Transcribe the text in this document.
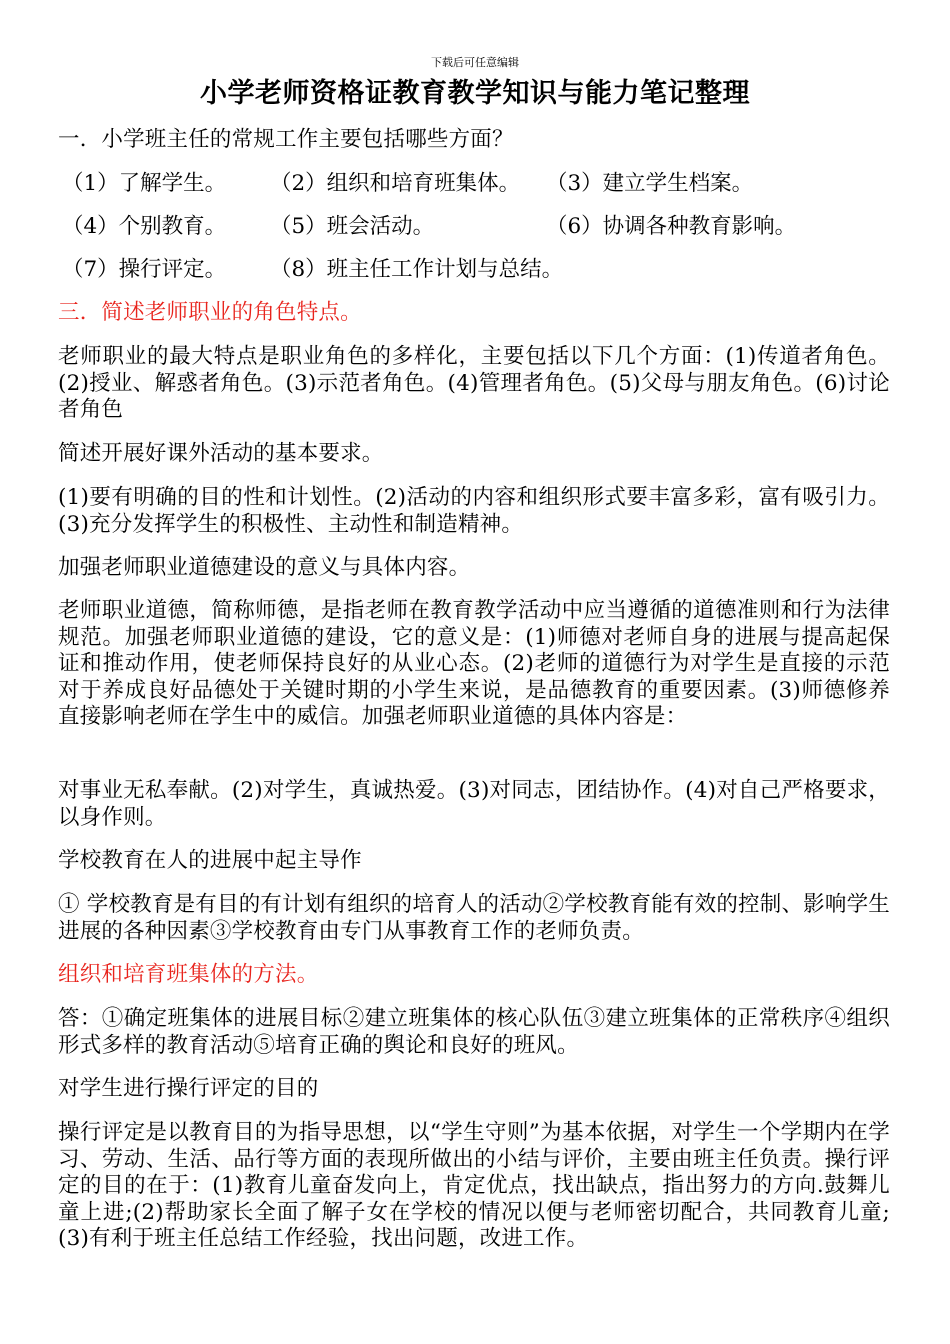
下载后可任意编辑
小学老师资格证教育教学知识与能力笔记整理
一．小学班主任的常规工作主要包括哪些方面？
（1）了解学生。 （2）组织和培育班集体。 （3）建立学生档案。
（4）个别教育。 （5）班会活动。	（6）协调各种教育影响。
（7）操行评定。 （8）班主任工作计划与总结。
三．简述老师职业的角色特点。
老师职业的最大特点是职业角色的多样化，主要包括以下几个方面：(1)传道者角色。(2)授业、解惑者角色。(3)示范者角色。(4)管理者角色。(5)父母与朋友角色。(6)讨论者角色
简述开展好课外活动的基本要求。
(1)要有明确的目的性和计划性。(2)活动的内容和组织形式要丰富多彩，富有吸引力。(3)充分发挥学生的积极性、主动性和制造精神。
加强老师职业道德建设的意义与具体内容。
老师职业道德，简称师德，是指老师在教育教学活动中应当遵循的道德准则和行为法律规范。加强老师职业道德的建设，它的意义是：(1)师德对老师自身的进展与提高起保证和推动作用，使老师保持良好的从业心态。(2)老师的道德行为对学生是直接的示范对于养成良好品德处于关键时期的小学生来说，是品德教育的重要因素。(3)师德修养直接影响老师在学生中的威信。加强老师职业道德的具体内容是：
对事业无私奉献。(2)对学生，真诚热爱。(3)对同志，团结协作。(4)对自己严格要求，以身作则。
学校教育在人的进展中起主导作
① 学校教育是有目的有计划有组织的培育人的活动②学校教育能有效的控制、影响学生进展的各种因素③学校教育由专门从事教育工作的老师负责。
组织和培育班集体的方法。
答：①确定班集体的进展目标②建立班集体的核心队伍③建立班集体的正常秩序④组织形式多样的教育活动⑤培育正确的舆论和良好的班风。
对学生进行操行评定的目的
操行评定是以教育目的为指导思想，以“学生守则”为基本依据，对学生一个学期内在学习、劳动、生活、品行等方面的表现所做出的小结与评价，主要由班主任负责。操行评定的目的在于：(1)教育儿童奋发向上，肯定优点，找出缺点，指出努力的方向.鼓舞儿童上进;(2)帮助家长全面了解子女在学校的情况以便与老师密切配合，共同教育儿童;(3)有利于班主任总结工作经验，找出问题，改进工作。
